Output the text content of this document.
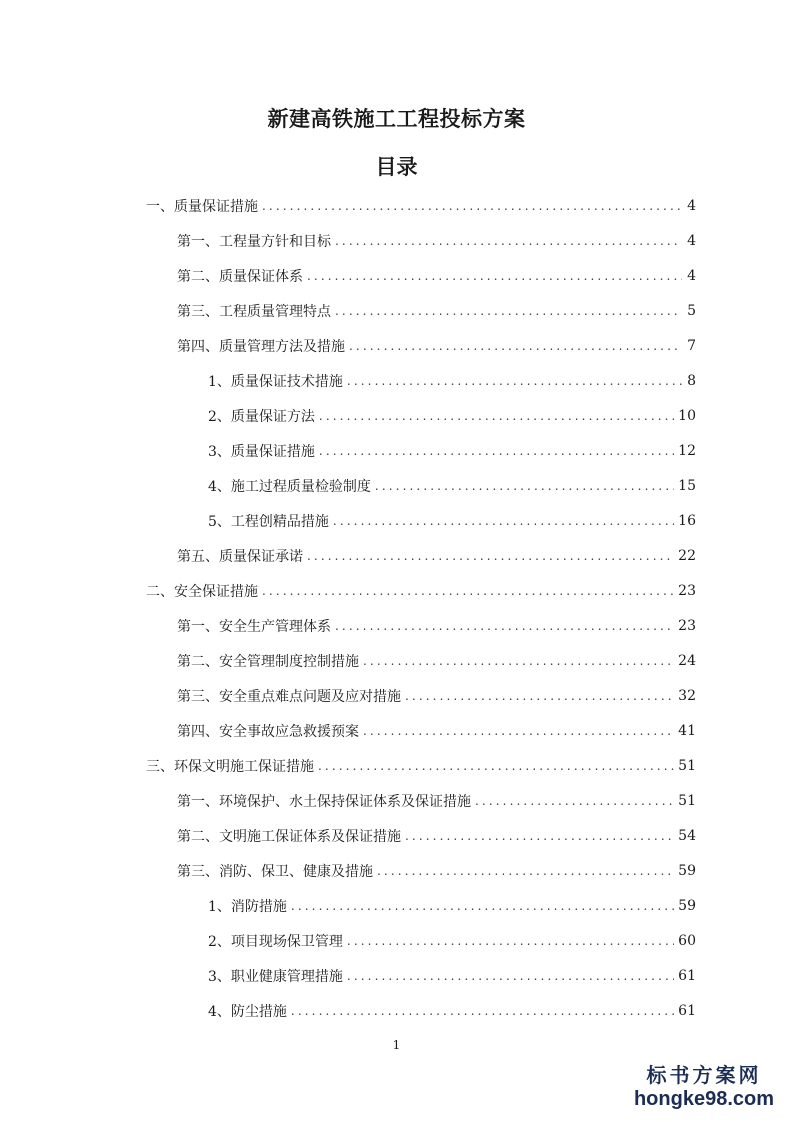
新建高铁施工工程投标方案
目录
一、质量保证措施 .....	4
第一、工程量方针和目标 .....	4
第二、质量保证体系 .....	4
第三、工程质量管理特点 .....	5
第四、质量管理方法及措施 .....	7
1、质量保证技术措施 .....	8
2、质量保证方法 .....	10
3、质量保证措施 .....	12
4、施工过程质量检验制度 .....	15
5、工程创精品措施 .....	16
第五、质量保证承诺 .....	22
二、安全保证措施 .....	23
第一、安全生产管理体系 .....	23
第二、安全管理制度控制措施 .....	24
第三、安全重点难点问题及应对措施 .....	32
第四、安全事故应急救援预案 .....	41
三、环保文明施工保证措施 .....	51
第一、环境保护、水土保持保证体系及保证措施 .....	51
第二、文明施工保证体系及保证措施 .....	54
第三、消防、保卫、健康及措施 .....	59
1、消防措施 .....	59
2、项目现场保卫管理 .....	60
3、职业健康管理措施 .....	61
4、防尘措施 .....	61
1
标书方案网
hongke98.com
